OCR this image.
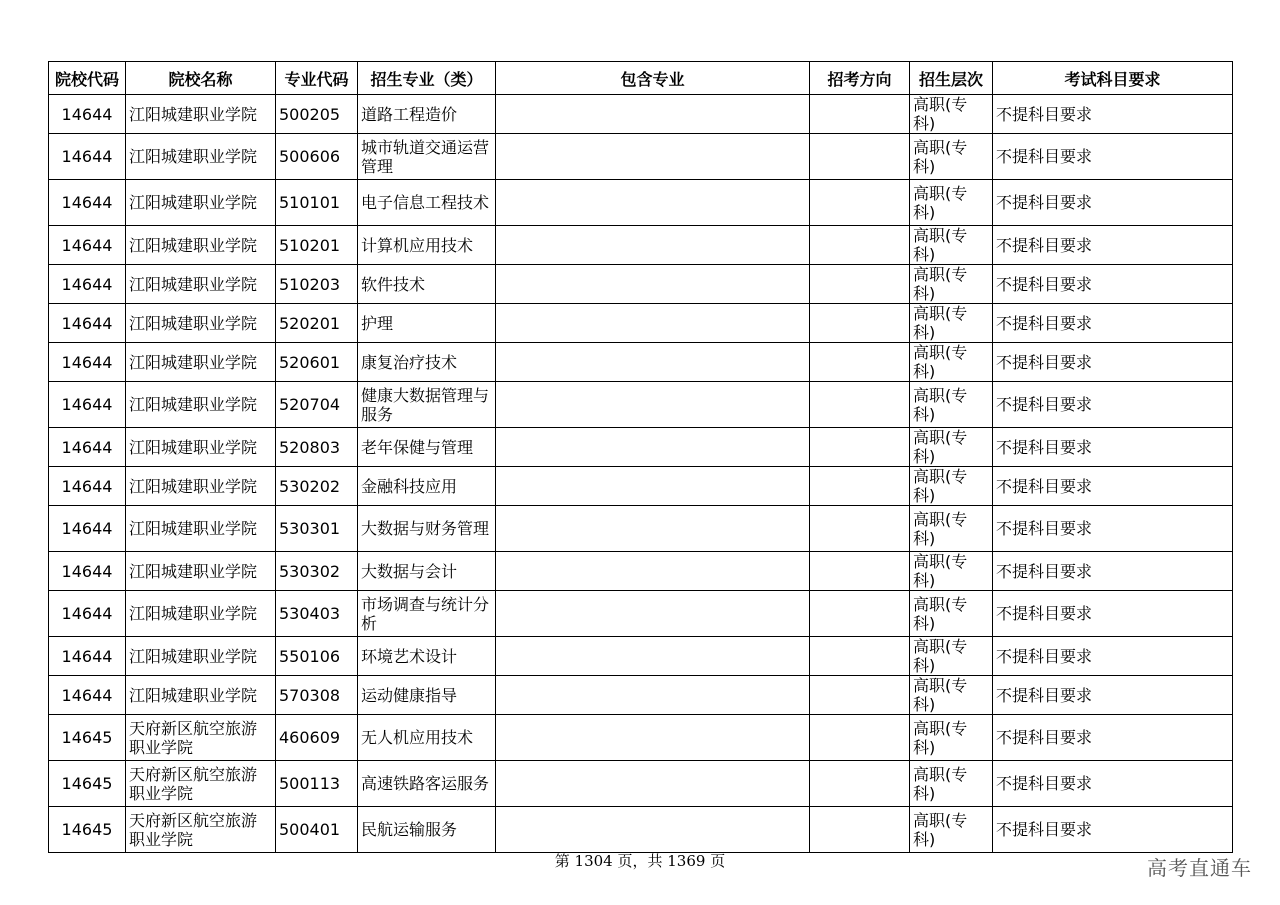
院校代码	院校名称	专业代码	招生专业（类）	包含专业	招考方向	招生层次	考试科目要求
14644	江阳城建职业学院	500205	道路工程造价			高职(专科)	不提科目要求
14644	江阳城建职业学院	500606	城市轨道交通运营管理			高职(专科)	不提科目要求
14644	江阳城建职业学院	510101	电子信息工程技术			高职(专科)	不提科目要求
14644	江阳城建职业学院	510201	计算机应用技术			高职(专科)	不提科目要求
14644	江阳城建职业学院	510203	软件技术			高职(专科)	不提科目要求
14644	江阳城建职业学院	520201	护理			高职(专科)	不提科目要求
14644	江阳城建职业学院	520601	康复治疗技术			高职(专科)	不提科目要求
14644	江阳城建职业学院	520704	健康大数据管理与服务			高职(专科)	不提科目要求
14644	江阳城建职业学院	520803	老年保健与管理			高职(专科)	不提科目要求
14644	江阳城建职业学院	530202	金融科技应用			高职(专科)	不提科目要求
14644	江阳城建职业学院	530301	大数据与财务管理			高职(专科)	不提科目要求
14644	江阳城建职业学院	530302	大数据与会计			高职(专科)	不提科目要求
14644	江阳城建职业学院	530403	市场调查与统计分析			高职(专科)	不提科目要求
14644	江阳城建职业学院	550106	环境艺术设计			高职(专科)	不提科目要求
14644	江阳城建职业学院	570308	运动健康指导			高职(专科)	不提科目要求
14645	天府新区航空旅游职业学院	460609	无人机应用技术			高职(专科)	不提科目要求
14645	天府新区航空旅游职业学院	500113	高速铁路客运服务			高职(专科)	不提科目要求
14645	天府新区航空旅游职业学院	500401	民航运输服务			高职(专科)	不提科目要求
第 1304 页，共 1369 页	高考直通车
